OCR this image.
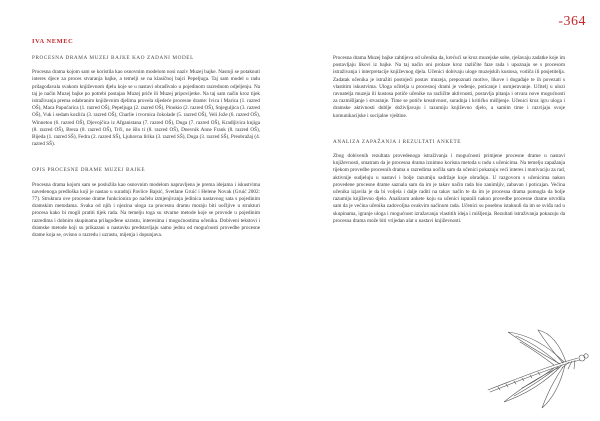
-364
IVA NEMEC
PROCESNA DRAMA MUZEJ BAJKE KAO ZADANI MODEL
Procesna drama kojom sam se koristila kao osnovnim modelom nosi naziv Muzej bajke. Nastoji se potaknuti interes djece za proces stvaranja bajke, a temelji se na klasičnoj bajci Pepeljuga. Taj sam model u radu prilagođavala svakom književnom djelu koje se u nastavi obrađivalo u pojedinom razrednom odjeljenju. Na taj je način Muzej bajke po potrebi postajao Muzej priče ili Muzej pripovijetke. Na taj sam način kroz tijek istraživanja prema odabranim književnim djelima provela sljedeće procesne drame: Ivica i Marica (1. razred OŠ), Maca Papučarica (1. razred OŠ), Pepeljuga (2. razred OŠ), Pinokio (2. razred OŠ), Snjeguljica (3. razred OŠ), Vuk i sedam kozlića (3. razred OŠ), Charlie i tvornica čokolade (5. razred OŠ), Veli Jože (6. razred OŠ), Winnetou (6. razred OŠ), Djevojčica iz Afganistana (7. razred OŠ), Duga (7. razred OŠ), Kradljivica knjiga (8. razred OŠ), Breza (8. razred OŠ), Trči, ne išlo ti (8. razred OŠ), Dnevnik Anne Frank (8. razred OŠ), Bijeda (1. razred SŠ), Fedra (2. razred SŠ), Ljubavna lirika (3. razred SŠ), Duga (3. razred SŠ), Preobražaj (4. razred SŠ).
OPIS PROCESNE DRAME MUZEJ BAJKE
Procesna drama kojom sam se poslužila kao osnovnim modelom napravljena je prema idejama i iskustvima navedenoga predloška koji je nastao u suradnji Pavlice Bajsić, Svetlane Gruić i Helene Novak (Gruić 2002: 77). Struktura ove procesne drame funkcionira po načelu izmjenjivanja jedinica nastavnog sata s pojedinim dramskim metodama. Svaka od njih i njezina uloga za procesnu dramu moraju biti uočljive u strukturi procesa kako bi mogli pratiti tijek rada. Na temelju toga su stvarne metode koje se provode u pojedinim razredima i dobnim skupinama prilagođene uzrastu, interesima i mogućnostima učenika. Dobiveni tekstovi i dramske metode koji su prikazani u nastavku predstavljaju samo jednu od mogućnosti provedbe procesne drame koja se, ovisno o razredu i uzrastu, mijenja i dopunjava.
Procesna drama Muzej bajke zahtijeva od učenika da, krećući se kroz muzejske sobe, rješavaju zadatke koje im postavljaju likovi iz bajke. Na taj način oni prolaze kroz različite faze rada i upoznaju se s procesom istraživanja i interpretacije književnog djela. Učenici dobivaju uloge muzejskih kustosa, vodiča ili posjetitelja. Zadatak učenika je istražiti postojeći postav muzeja, prepoznati motive, likove i događaje te ih povezati s vlastitim iskustvima. Uloga učitelja u procesnoj drami je vođenje, poticanje i usmjeravanje. Učitelj u ulozi ravnatelja muzeja ili kustosa potiče učenike na različite aktivnosti, postavlja pitanja i otvara nove mogućnosti za razmišljanje i stvaranje. Time se potiče kreativnost, suradnja i kritičko mišljenje. Učenici kroz igru uloga i dramske aktivnosti dublje doživljavaju i razumiju književno djelo, a samim time i razvijaju svoje komunikacijske i socijalne vještine.
ANALIZA ZAPAŽANJA I REZULTATI ANKETE
Zbog dobivenih rezultata provedenoga istraživanja i mogućnosti primjene procesne drame u nastavi književnosti, smatram da je procesna drama iznimno korisna metoda u radu s učenicima. Na temelju zapažanja tijekom provedbe procesnih drama u razredima uočila sam da učenici pokazuju veći interes i motivaciju za rad, aktivnije sudjeluju u nastavi i bolje razumiju sadržaje koje obrađuju. U razgovoru s učenicima nakon provedene procesne drame saznala sam da im je takav način rada bio zanimljiv, zabavan i poticajan. Većina učenika izjavila je da bi voljela i dalje raditi na takav način te da im je procesna drama pomogla da bolje razumiju književno djelo. Analizom ankete koju su učenici ispunili nakon provedbe procesne drame utvrdila sam da je većina učenika zadovoljna ovakvim načinom rada. Učenici su posebno istaknuli da im se sviđa rad u skupinama, igranje uloga i mogućnost izražavanja vlastitih ideja i mišljenja. Rezultati istraživanja pokazuju da procesna drama može biti vrijedan alat u nastavi književnosti.
